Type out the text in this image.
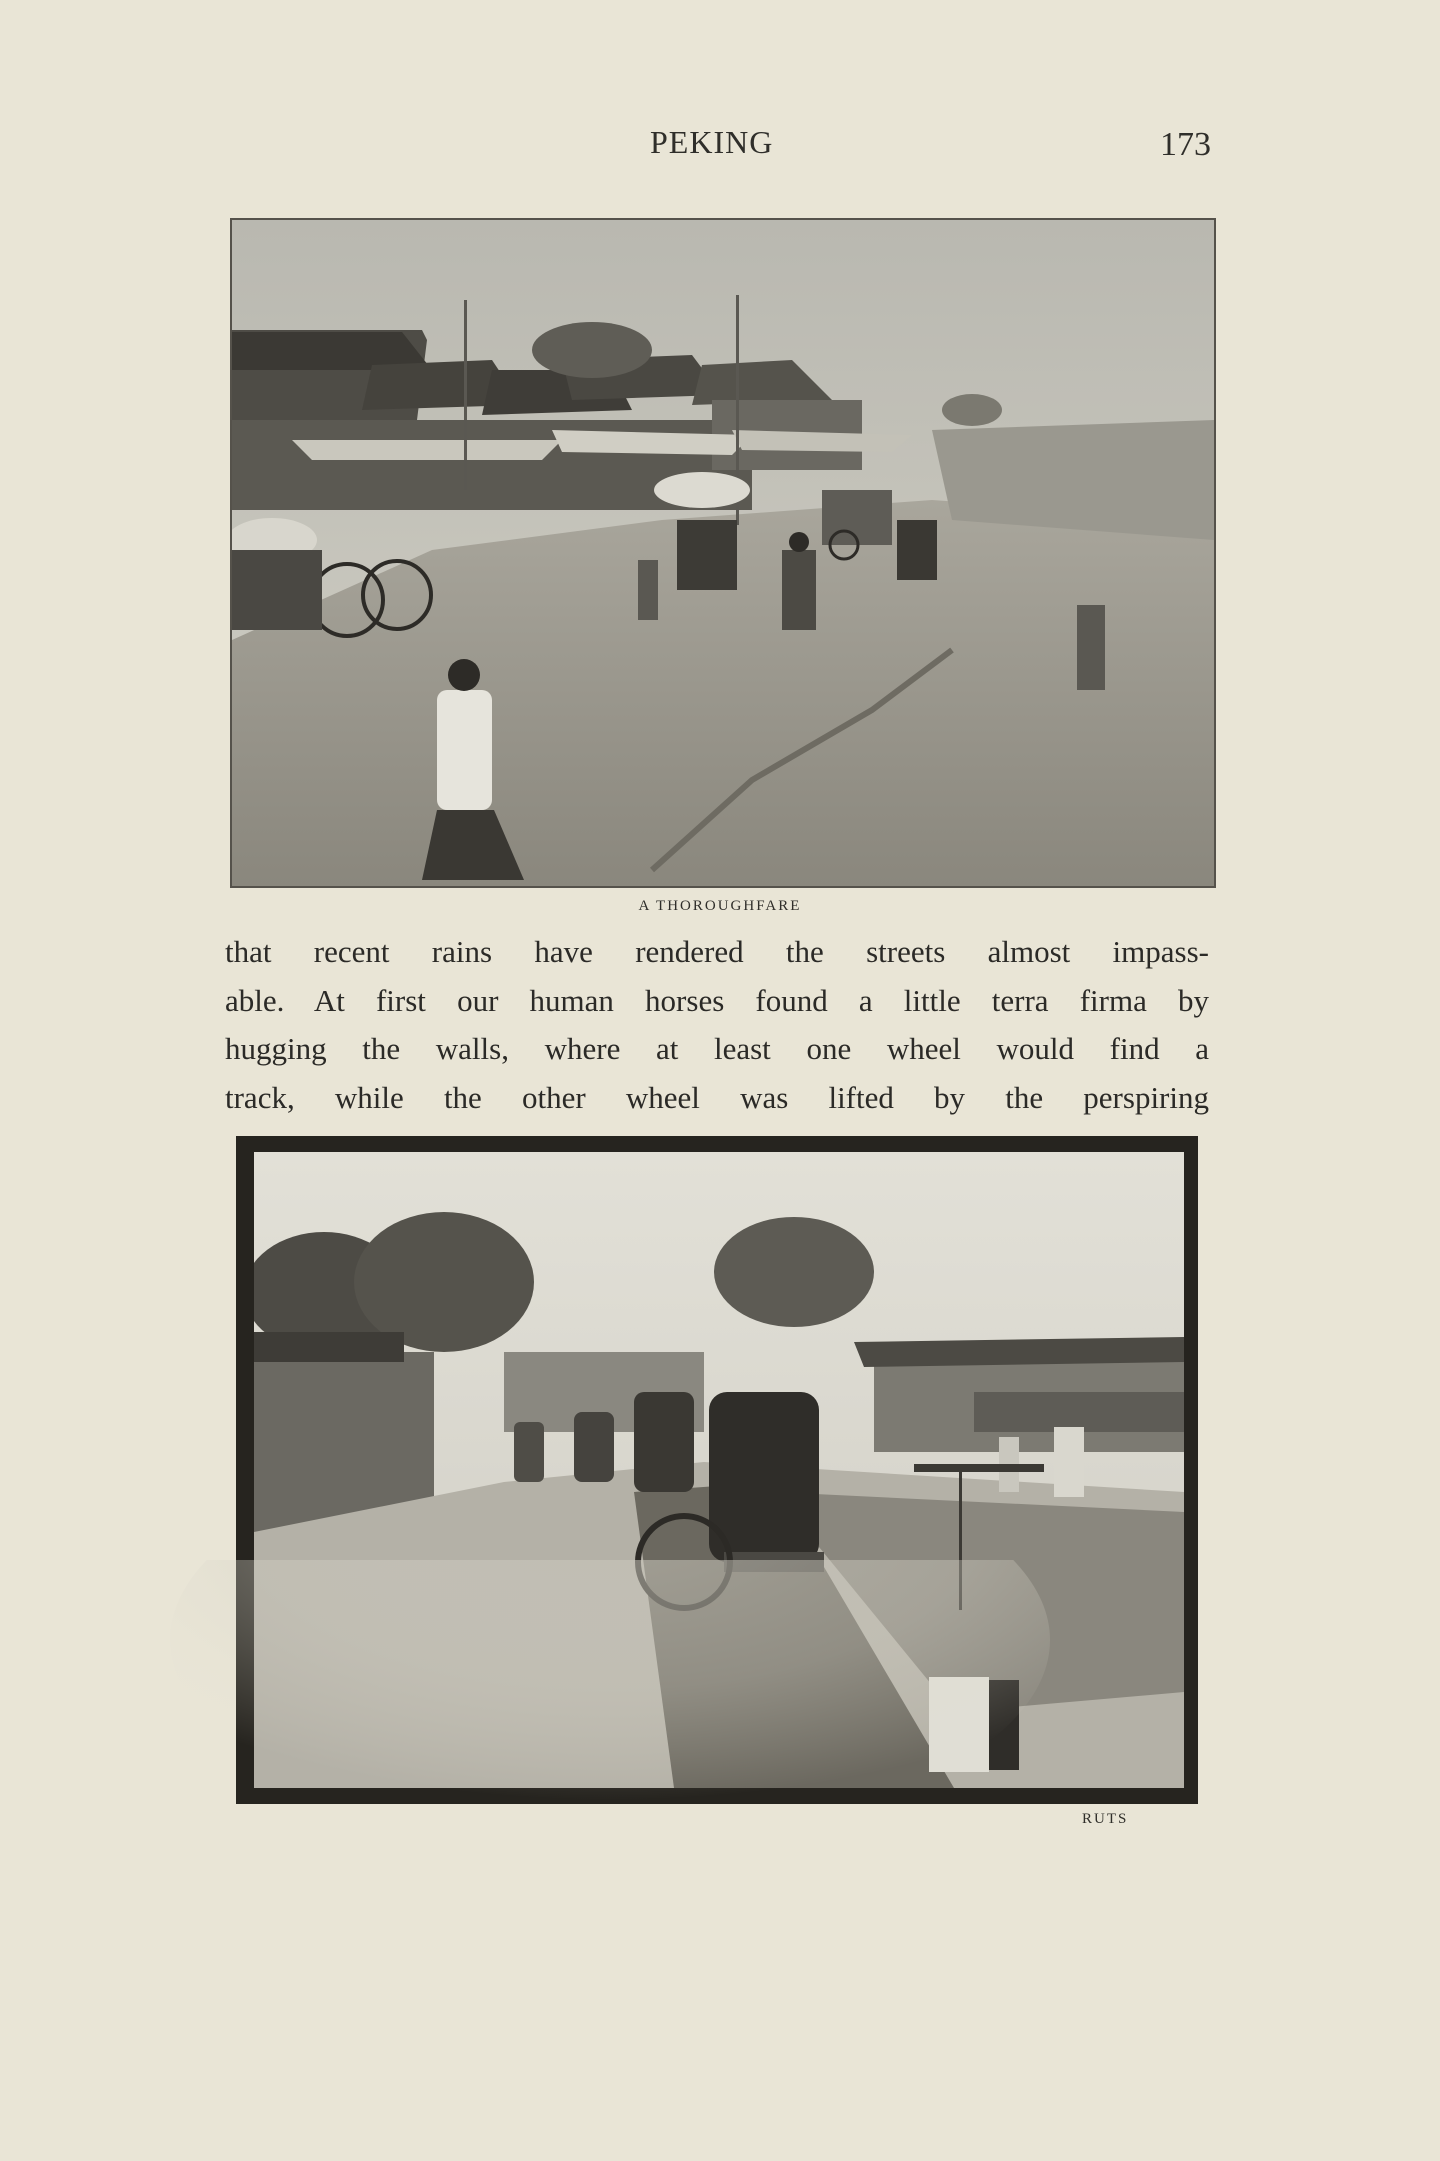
PEKING	173
A THOROUGHFARE
that recent rains have rendered the streets almost impass-
able. At first our human horses found a little terra firma by
hugging the walls, where at least one wheel would find a
track, while the other wheel was lifted by the perspiring
RUTS
